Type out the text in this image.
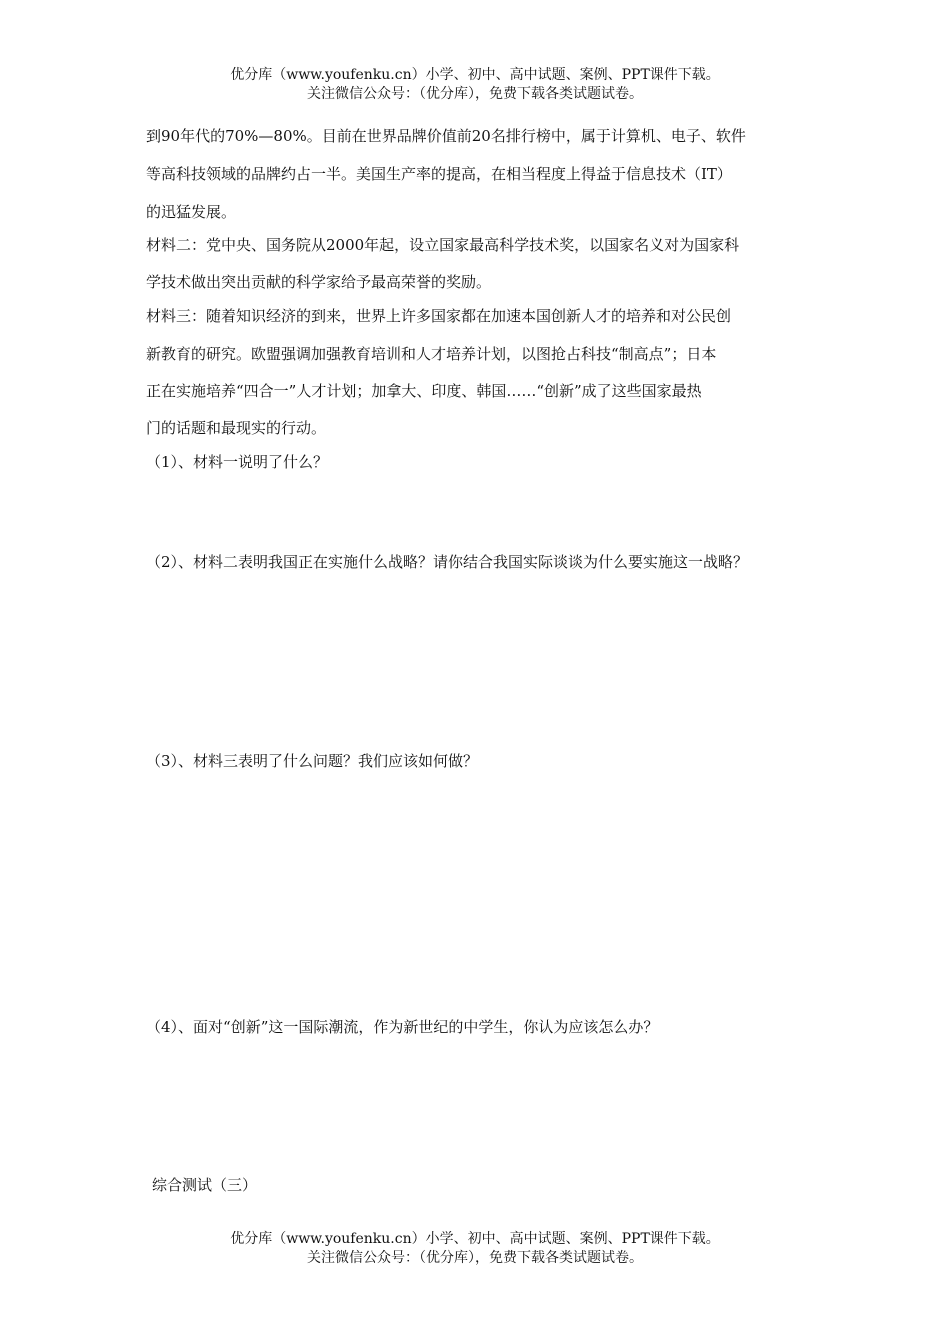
优分库（www.youfenku.cn）小学、初中、高中试题、案例、PPT课件下载。
关注微信公众号：（优分库），免费下载各类试题试卷。
到90年代的70%—80%。目前在世界品牌价值前20名排行榜中，属于计算机、电子、软件
等高科技领域的品牌约占一半。美国生产率的提高，在相当程度上得益于信息技术（IT）
的迅猛发展。
材料二：党中央、国务院从2000年起，设立国家最高科学技术奖，以国家名义对为国家科
学技术做出突出贡献的科学家给予最高荣誉的奖励。
材料三：随着知识经济的到来，世界上许多国家都在加速本国创新人才的培养和对公民创
新教育的研究。欧盟强调加强教育培训和人才培养计划，以图抢占科技“制高点”；日本
正在实施培养“四合一”人才计划；加拿大、印度、韩国……“创新”成了这些国家最热
门的话题和最现实的行动。
（1）、材料一说明了什么？
（2）、材料二表明我国正在实施什么战略？请你结合我国实际谈谈为什么要实施这一战略？
（3）、材料三表明了什么问题？我们应该如何做？
（4）、面对“创新”这一国际潮流，作为新世纪的中学生，你认为应该怎么办？
综合测试（三）
优分库（www.youfenku.cn）小学、初中、高中试题、案例、PPT课件下载。
关注微信公众号：（优分库），免费下载各类试题试卷。
